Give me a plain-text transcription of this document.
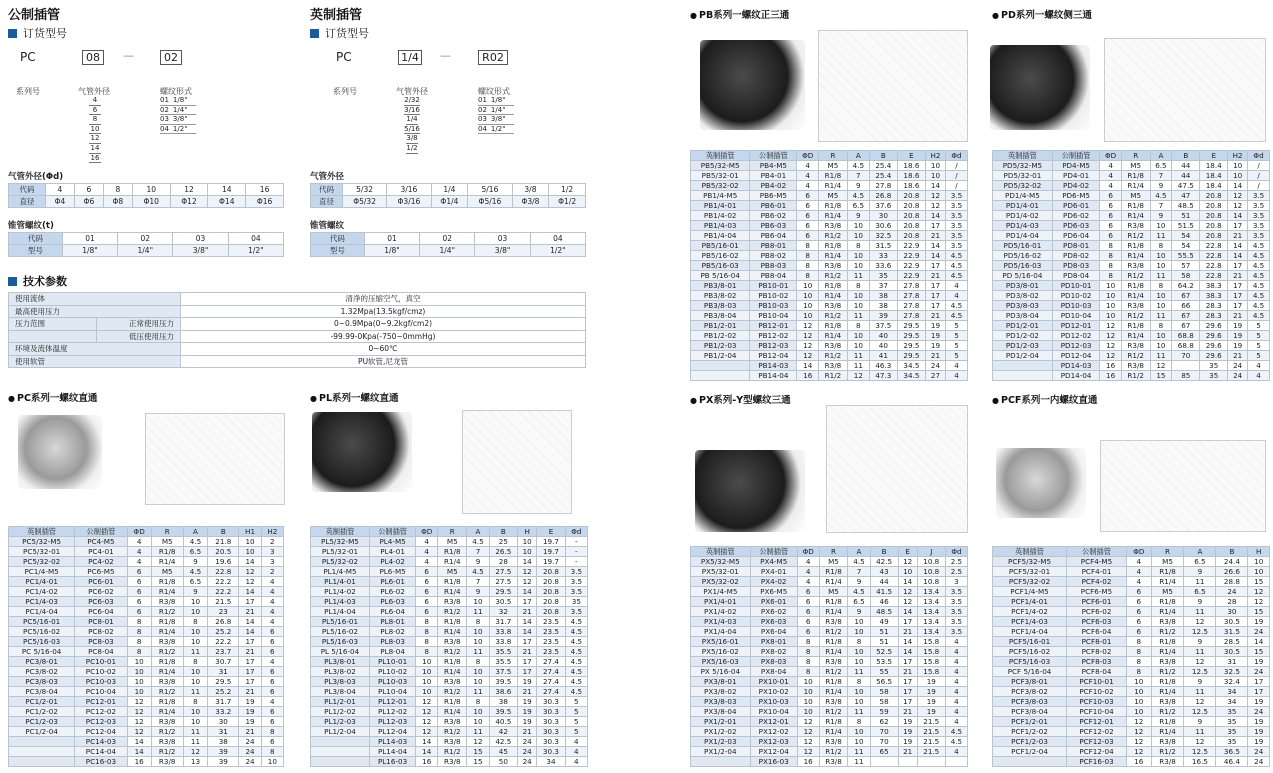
公制插管
订货型号
PC	08	—	02
系列号	气管外径	螺纹形式
4
6
8
10
12
14
16
01 1/8"
02 1/4"
03 3/8"
04 1/2"
气管外径(Φd)
代码	4	6	8	10	12	14	16
直径	Φ4	Φ6	Φ8	Φ10	Φ12	Φ14	Φ16
锥管螺纹(t)
代码	01	02	03	04
型号	1/8"	1/4"	3/8"	1/2"
英制插管
订货型号
PC	1/4 —	R02
系列号	气管外径	螺纹形式
2/32
3/16
1/4
5/16
3/8
1/2
01 1/8"
02 1/4"
03 3/8"
04 1/2"
气管外径
代码	5/32	3/16	1/4	5/16	3/8	1/2
直径	Φ5/32	Φ3/16	Φ1/4	Φ5/16	Φ3/8	Φ1/2
锥管螺纹
代码	01	02	03	04
型号	1/8"	1/4"	3/8"	1/2"
技术参数
使用流体		清净的压缩空气，真空
最高使用压力		1.32Mpa(13.5kgf/cmz)
压力范围	正常使用压力	0~0.9Mpa(0~9.2kgf/cm2)
	低压使用压力	-99.99-0Kpa(-750~0mmHg)
环境及流体温度		0~60℃
使用软管		PU软管,尼龙管
● PC系列一螺纹直通
英制插管	公制插管	ΦD	R	A	B	H1	H2
PC5/32-M5	PC4-M5	4	M5	4.5	21.8	10	2
PC5/32-01	PC4-01	4	R1/8	6.5	20.5	10	3
PC5/32-02	PC4-02	4	R1/4	9	19.6	14	3
PC1/4-M5	PC6-M5	6	M5	4.5	22.8	12	2
PC1/4-01	PC6-01	6	R1/8	6.5	22.2	12	4
PC1/4-02	PC6-02	6	R1/4	9	22.2	14	4
PC1/4-03	PC6-03	6	R3/8	10	21.5	17	4
PC1/4-04	PC6-04	6	R1/2	10	23	21	4
PC5/16-01	PC8-01	8	R1/8	8	26.8	14	4
PC5/16-02	PC8-02	8	R1/4	10	25.2	14	6
PC5/16-03	PC8-03	8	R3/8	10	22.2	17	6
PC 5/16-04	PC8-04	8	R1/2	11	23.7	21	6
PC3/8-01	PC10-01	10	R1/8	8	30.7	17	4
PC3/8-02	PC10-02	10	R1/4	10	31	17	6
PC3/8-03	PC10-03	10	R3/8	10	29.5	17	6
PC3/8-04	PC10-04	10	R1/2	11	25.2	21	6
PC1/2-01	PC12-01	12	R1/8	8	31.7	19	4
PC1/2-02	PC12-02	12	R1/4	10	33.2	19	6
PC1/2-03	PC12-03	12	R3/8	10	30	19	6
PC1/2-04	PC12-04	12	R1/2	11	31	21	8
	PC14-03	14	R3/8	11	38	24	6
	PC14-04	14	R1/2	12	39	24	8
	PC16-03	16	R3/8	13	39	24	10
● PL系列一螺纹直通
英制插管	公制插管	ΦD	R	A	B	H	E	Φd
PL5/32-M5	PL4-M5	4	M5	4.5	25	10	19.7	-
PL5/32-01	PL4-01	4	R1/8	7	26.5	10	19.7	-
PL5/32-02	PL4-02	4	R1/4	9	28	14	19.7	-
PL1/4-M5	PL6-M5	6	M5	4.5	27.5	12	20.8	3.5
PL1/4-01	PL6-01	6	R1/8	7	27.5	12	20.8	3.5
PL1/4-02	PL6-02	6	R1/4	9	29.5	14	20.8	3.5
PL1/4-03	PL6-03	6	R3/8	10	30.5	17	20.8	35
PL1/4-04	PL6-04	6	R1/2	11	32	21	20.8	3.5
PL5/16-01	PL8-01	8	R1/8	8	31.7	14	23.5	4.5
PL5/16-02	PL8-02	8	R1/4	10	33.8	14	23.5	4.5
PL5/16-03	PL8-03	8	R3/8	10	33.8	17	23.5	4.5
PL 5/16-04	PL8-04	8	R1/2	11	35.5	21	23.5	4.5
PL3/8-01	PL10-01	10	R1/8	8	35.5	17	27.4	4.5
PL3/8-02	PL10-02	10	R1/4	10	37.5	17	27.4	4.5
PL3/8-03	PL10-03	10	R3/8	10	39.5	19	27.4	4.5
PL3/8-04	PL10-04	10	R1/2	11	38.6	21	27.4	4.5
PL1/2-01	PL12-01	12	R1/8	8	38	19	30.3	5
PL1/2-02	PL12-02	12	R1/4	10	39.5	19	30.3	5
PL1/2-03	PL12-03	12	R3/8	10	40.5	19	30.3	5
PL1/2-04	PL12-04	12	R1/2	11	42	21	30.3	5
	PL14-03	14	R3/8	12	42.5	24	30.3	4
	PL14-04	14	R1/2	15	45	24	30.3	4
	PL16-03	16	R3/8	15	50	24	34	4
● PB系列一螺纹正三通
英制插管	公制插管	ΦD	R	A	B	E	H2	Φd
PB5/32-M5	PB4-M5	4	M5	4.5	25.4	18.6	10	/
PB5/32-01	PB4-01	4	R1/8	7	25.4	18.6	10	/
PB5/32-02	PB4-02	4	R1/4	9	27.8	18.6	14	/
PB1/4-M5	PB6-M5	6	M5	4.5	26.8	20.8	12	3.5
PB1/4-01	PB6-01	6	R1/8	6.5	37.6	20.8	12	3.5
PB1/4-02	PB6-02	6	R1/4	9	30	20.8	14	3.5
PB1/4-03	PB6-03	6	R3/8	10	30.6	20.8	17	3.5
PB1/4-04	PB6-04	6	R1/2	10	32.5	20.8	21	3.5
PB5/16-01	PB8-01	8	R1/8	8	31.5	22.9	14	3.5
PB5/16-02	PB8-02	8	R1/4	10	33	22.9	14	4.5
PB5/16-03	PB8-03	8	R3/8	10	33.6	22.9	17	4.5
PB 5/16-04	PB8-04	8	R1/2	11	35	22.9	21	4.5
PB3/8-01	PB10-01	10	R1/8	8	37	27.8	17	4
PB3/8-02	PB10-02	10	R1/4	10	38	27.8	17	4
PB3/8-03	PB10-03	10	R3/8	10	38	27.8	17	4.5
PB3/8-04	PB10-04	10	R1/2	11	39	27.8	21	4.5
PB1/2-01	PB12-01	12	R1/8	8	37.5	29.5	19	5
PB1/2-02	PB12-02	12	R1/4	10	40	29.5	19	5
PB1/2-03	PB12-03	12	R3/8	10	40	29.5	19	5
PB1/2-04	PB12-04	12	R1/2	11	41	29.5	21	5
	PB14-03	14	R3/8	11	46.3	34.5	24	4
	PB14-04	16	R1/2	12	47.3	34.5	27	4
● PD系列一螺纹侧三通
英制插管	公制插管	ΦD	R	A	B	E	H2	Φd
PD5/32-M5	PD4-M5	4	M5	6.5	44	18.4	10	/
PD5/32-01	PD4-01	4	R1/8	7	44	18.4	10	/
PD5/32-02	PD4-02	4	R1/4	9	47.5	18.4	14	/
PD1/4-M5	PD6-M5	6	M5	4.5	47	20.8	12	3.5
PD1/4-01	PD6-01	6	R1/8	7	48.5	20.8	12	3.5
PD1/4-02	PD6-02	6	R1/4	9	51	20.8	14	3.5
PD1/4-03	PD6-03	6	R3/8	10	51.5	20.8	17	3.5
PD1/4-04	PD6-04	6	R1/2	11	54	20.8	21	3.5
PD5/16-01	PD8-01	8	R1/8	8	54	22.8	14	4.5
PD5/16-02	PD8-02	8	R1/4	10	55.5	22.8	14	4.5
PD5/16-03	PD8-03	8	R3/8	10	57	22.8	17	4.5
PD 5/16-04	PD8-04	8	R1/2	11	58	22.8	21	4.5
PD3/8-01	PD10-01	10	R1/8	8	64.2	38.3	17	4.5
PD3/8-02	PD10-02	10	R1/4	10	67	38.3	17	4.5
PD3/8-03	PD10-03	10	R3/8	10	66	28.3	17	4.5
PD3/8-04	PD10-04	10	R1/2	11	67	28.3	21	4.5
PD1/2-01	PD12-01	12	R1/8	8	67	29.6	19	5
PD1/2-02	PD12-02	12	R1/4	10	68.8	29.6	19	5
PD1/2-03	PD12-03	12	R3/8	10	68.8	29.6	19	5
PD1/2-04	PD12-04	12	R1/2	11	70	29.6	21	5
	PD14-03	16	R3/8	12		35	24	4
	PD14-04	16	R1/2	15	85	35	24	4
● PX系列-Y型螺纹三通
英制插管	公制插管	ΦD	R	A	B	E	J	Φd
PX5/32-M5	PX4-M5	4	M5	4.5	42.5	12	10.8	2.5
PX5/32-01	PX4-01	4	R1/8	7	43	10	10.8	2.5
PX5/32-02	PX4-02	4	R1/4	9	44	14	10.8	3
PX1/4-M5	PX6-M5	6	M5	4.5	41.5	12	13.4	3.5
PX1/4-01	PX6-01	6	R1/8	6.5	46	12	13.4	3.5
PX1/4-02	PX6-02	6	R1/4	9	48.5	14	13.4	3.5
PX1/4-03	PX6-03	6	R3/8	10	49	17	13.4	3.5
PX1/4-04	PX6-04	6	R1/2	10	51	21	13.4	3.5
PX5/16-01	PX8-01	8	R1/8	8	51	14	15.8	4
PX5/16-02	PX8-02	8	R1/4	10	52.5	14	15.8	4
PX5/16-03	PX8-03	8	R3/8	10	53.5	17	15.8	4
PX 5/16-04	PX8-04	8	R1/2	11	55	21	15.8	4
PX3/8-01	PX10-01	10	R1/8	8	56.5	17	19	4
PX3/8-02	PX10-02	10	R1/4	10	58	17	19	4
PX3/8-03	PX10-03	10	R3/8	10	58	17	19	4
PX3/8-04	PX10-04	10	R1/2	11	59	21	19	4
PX1/2-01	PX12-01	12	R1/8	8	62	19	21.5	4
PX1/2-02	PX12-02	12	R1/4	10	70	19	21.5	4.5
PX1/2-03	PX12-03	12	R3/8	10	70	19	21.5	4.5
PX1/2-04	PX12-04	12	R1/2	11	65	21	21.5	4
	PX16-03	16	R3/8	11				
● PCF系列一内螺纹直通
英制插管	公制插管	ΦD	R	A	B	H
PCF5/32-M5	PCF4-M5	4	M5	6.5	24.4	10
PCF5/32-01	PCF4-01	4	R1/8	9	26.6	10
PCF5/32-02	PCF4-02	4	R1/4	11	28.8	15
PCF1/4-M5	PCF6-M5	6	M5	6.5	24	12
PCF1/4-01	PCF6-01	6	R1/8	9	28	12
PCF1/4-02	PCF6-02	6	R1/4	11	30	15
PCF1/4-03	PCF6-03	6	R3/8	12	30.5	19
PCF1/4-04	PCF6-04	6	R1/2	12.5	31.5	24
PCF5/16-01	PCF8-01	8	R1/8	9	28.5	14
PCF5/16-02	PCF8-02	8	R1/4	11	30.5	15
PCF5/16-03	PCF8-03	8	R3/8	12	31	19
PCF 5/16-04	PCF8-04	8	R1/2	12.5	32.5	24
PCF3/8-01	PCF10-01	10	R1/8	9	32.4	17
PCF3/8-02	PCF10-02	10	R1/4	11	34	17
PCF3/8-03	PCF10-03	10	R3/8	12	34	19
PCF3/8-04	PCF10-04	10	R1/2	12.5	35	24
PCF1/2-01	PCF12-01	12	R1/8	9	35	19
PCF1/2-02	PCF12-02	12	R1/4	11	35	19
PCF1/2-03	PCF12-03	12	R3/8	12	35	19
PCF1/2-04	PCF12-04	12	R1/2	12.5	36.5	24
	PCF16-03	16	R3/8	16.5	46.4	24
